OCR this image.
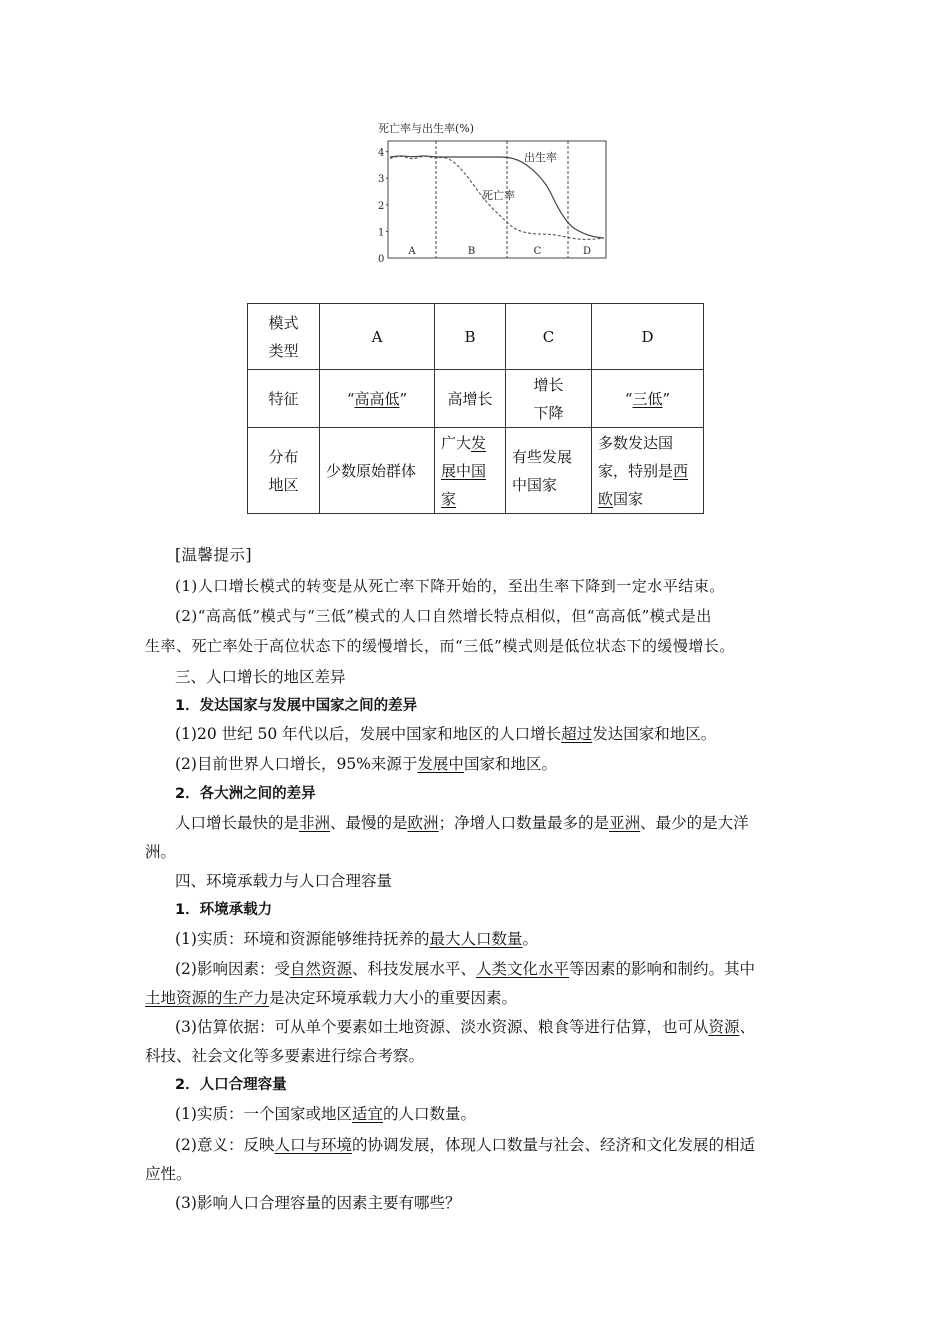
死亡率与出生率(%)
0
1
2
3
4
A	B	C	D
出生率
死亡率
模式类型	A	B	C	D
特征	“高高低”	高增长	增长下降	“三低”

分布地区	少数原始群体	广大发展中国家	有些发展中国家	多数发达国家，特别是西欧国家
[温馨提示]
(1)人口增长模式的转变是从死亡率下降开始的，至出生率下降到一定水平结束。
(2)“高高低”模式与“三低”模式的人口自然增长特点相似，但“高高低”模式是出
生率、死亡率处于高位状态下的缓慢增长，而“三低”模式则是低位状态下的缓慢增长。
三、人口增长的地区差异
1．发达国家与发展中国家之间的差异
(1)20 世纪 50 年代以后，发展中国家和地区的人口增长超过发达国家和地区。
(2)目前世界人口增长，95%来源于发展中国家和地区。
2．各大洲之间的差异
人口增长最快的是非洲、最慢的是欧洲；净增人口数量最多的是亚洲、最少的是大洋
洲。
四、环境承载力与人口合理容量
1．环境承载力
(1)实质：环境和资源能够维持抚养的最大人口数量。
(2)影响因素：受自然资源、科技发展水平、人类文化水平等因素的影响和制约。其中
土地资源的生产力是决定环境承载力大小的重要因素。
(3)估算依据：可从单个要素如土地资源、淡水资源、粮食等进行估算，也可从资源、
科技、社会文化等多要素进行综合考察。
2．人口合理容量
(1)实质：一个国家或地区适宜的人口数量。
(2)意义：反映人口与环境的协调发展，体现人口数量与社会、经济和文化发展的相适
应性。
(3)影响人口合理容量的因素主要有哪些？
